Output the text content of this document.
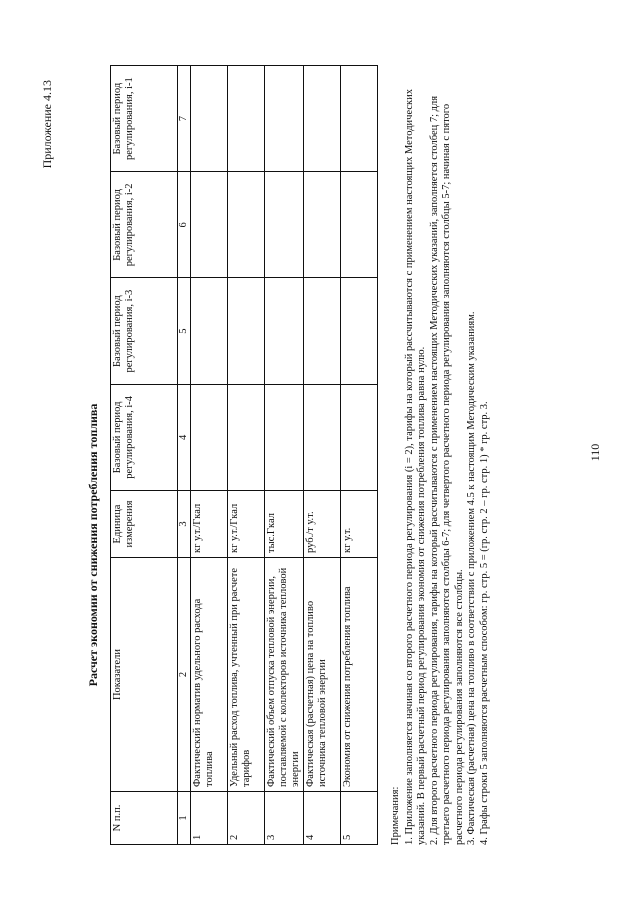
Приложение 4.13
Расчет экономии от снижения потребления топлива
N п.п.	Показатели	Единица измерения	Базовый период регулирования, i-4	Базовый период регулирования, i-3	Базовый период регулирования, i-2	Базовый период регулирования, i-1
1	2	3	4	5	6	7
1	Фактический норматив удельного расхода топлива	кг у.т./Гкал				
2	Удельный расход топлива, учтенный при расчете тарифов	кг у.т./Гкал				
3	Фактический объем отпуска тепловой энергии, поставляемой с коллекторов источника тепловой энергии	тыс.Гкал				
4	Фактическая (расчетная) цена на топливо источника тепловой энергии	руб./т у.т.				
5	Экономия от снижения потребления топлива	кг у.т.				
Примечания: 1. Приложение заполняется начиная со второго расчетного периода регулирования (i = 2), тарифы на который рассчитываются с применением настоящих Методических указаний. В первый расчетный период регулирования экономия от снижения потребления топлива равна нулю. 2. Для второго расчетного периода регулирования, тарифы на который рассчитываются с применением настоящих Методических указаний, заполняется столбец 7; для третьего расчетного периода регулирования заполняются столбцы 6-7; для четвертого расчетного периода регулирования заполняются столбцы 5-7; начиная с пятого расчетного периода регулирования заполняются все столбцы. 3. Фактическая (расчетная) цена на топливо в соответствии с приложением 4.5 к настоящим Методическим указаниям. 4. Графы строки 5 заполняются расчетным способом: гр. стр. 5 = (гр. стр. 2 – гр. стр. 1) * гр. стр. 3.	110
